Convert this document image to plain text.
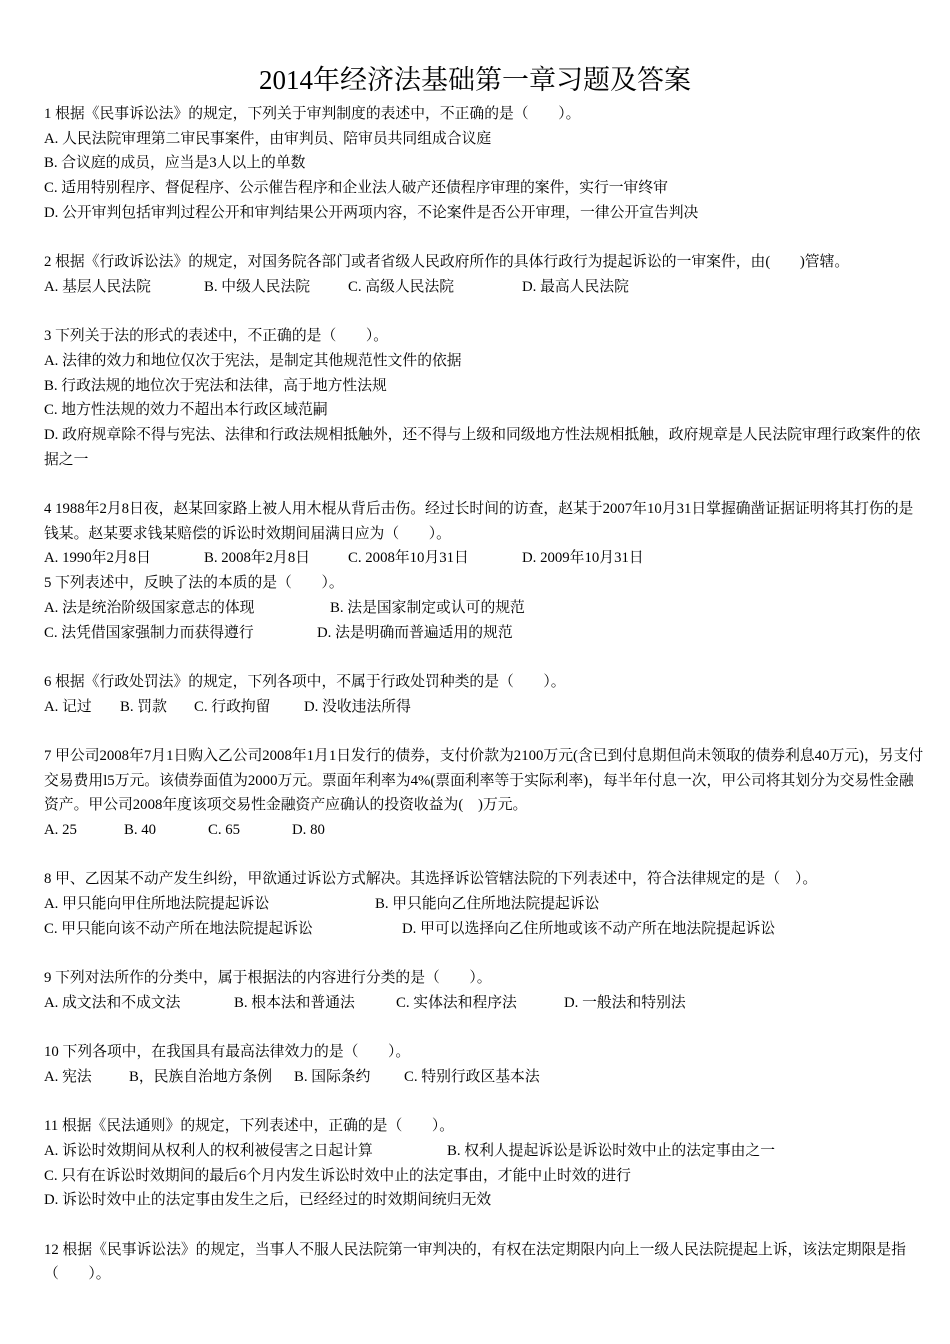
2014年经济法基础第一章习题及答案
1 根据《民事诉讼法》的规定，下列关于审判制度的表述中，不正确的是（　　）。
A. 人民法院审理第二审民事案件，由审判员、陪审员共同组成合议庭
B. 合议庭的成员，应当是3人以上的单数
C. 适用特别程序、督促程序、公示催告程序和企业法人破产还债程序审理的案件，实行一审终审
D. 公开审判包括审判过程公开和审判结果公开两项内容，不论案件是否公开审理，一律公开宣告判决
2 根据《行政诉讼法》的规定，对国务院各部门或者省级人民政府所作的具体行政行为提起诉讼的一审案件，由(　　)管辖。
A. 基层人民法院	B. 中级人民法院	C. 高级人民法院	D. 最高人民法院
3 下列关于法的形式的表述中，不正确的是（　　）。
A. 法律的效力和地位仅次于宪法，是制定其他规范性文件的依据
B. 行政法规的地位次于宪法和法律，高于地方性法规
C. 地方性法规的效力不超出本行政区域范嗣
D. 政府规章除不得与宪法、法律和行政法规相抵触外，还不得与上级和同级地方性法规相抵触，政府规章是人民法院审理行政案件的依据之一
4 1988年2月8日夜，赵某回家路上被人用木棍从背后击伤。经过长时间的访查，赵某于2007年10月31日掌握确凿证据证明将其打伤的是钱某。赵某要求钱某赔偿的诉讼时效期间届满日应为（　　）。
A. 1990年2月8日	B. 2008年2月8日	C. 2008年10月31日	D. 2009年10月31日
5 下列表述中，反映了法的本质的是（　　）。
A. 法是统治阶级国家意志的体现	B. 法是国家制定或认可的规范
C. 法凭借国家强制力而获得遵行	D. 法是明确而普遍适用的规范
6 根据《行政处罚法》的规定，下列各项中，不属于行政处罚种类的是（　　）。
A. 记过 B. 罚款 C. 行政拘留 D. 没收违法所得
7 甲公司2008年7月1日购入乙公司2008年1月1日发行的债券，支付价款为2100万元(含已到付息期但尚未领取的债券利息40万元)，另支付交易费用l5万元。该债券面值为2000万元。票面年利率为4%(票面利率等于实际利率)，每半年付息一次，甲公司将其划分为交易性金融资产。甲公司2008年度该项交易性金融资产应确认的投资收益为(　)万元。
A. 25	B. 40	C. 65	D. 80
8 甲、乙因某不动产发生纠纷，甲欲通过诉讼方式解决。其选择诉讼管辖法院的下列表述中，符合法律规定的是（　）。
A. 甲只能向甲住所地法院提起诉讼	B. 甲只能向乙住所地法院提起诉讼
C. 甲只能向该不动产所在地法院提起诉讼	D. 甲可以选择向乙住所地或该不动产所在地法院提起诉讼
9 下列对法所作的分类中，属于根据法的内容进行分类的是（　　）。
A. 成文法和不成文法	B. 根本法和普通法	C. 实体法和程序法	D. 一般法和特别法
10 下列各项中，在我国具有最高法律效力的是（　　）。
A. 宪法	B，民族自治地方条例 B. 国际条约 C. 特别行政区基本法
11 根据《民法通则》的规定，下列表述中，正确的是（　　）。
A. 诉讼时效期间从权利人的权利被侵害之日起计算	B. 权利人提起诉讼是诉讼时效中止的法定事由之一
C. 只有在诉讼时效期间的最后6个月内发生诉讼时效中止的法定事由，才能中止时效的进行
D. 诉讼时效中止的法定事由发生之后，已经经过的时效期间统归无效
12 根据《民事诉讼法》的规定，当事人不服人民法院第一审判决的，有权在法定期限内向上一级人民法院提起上诉，该法定期限是指（　　）。
